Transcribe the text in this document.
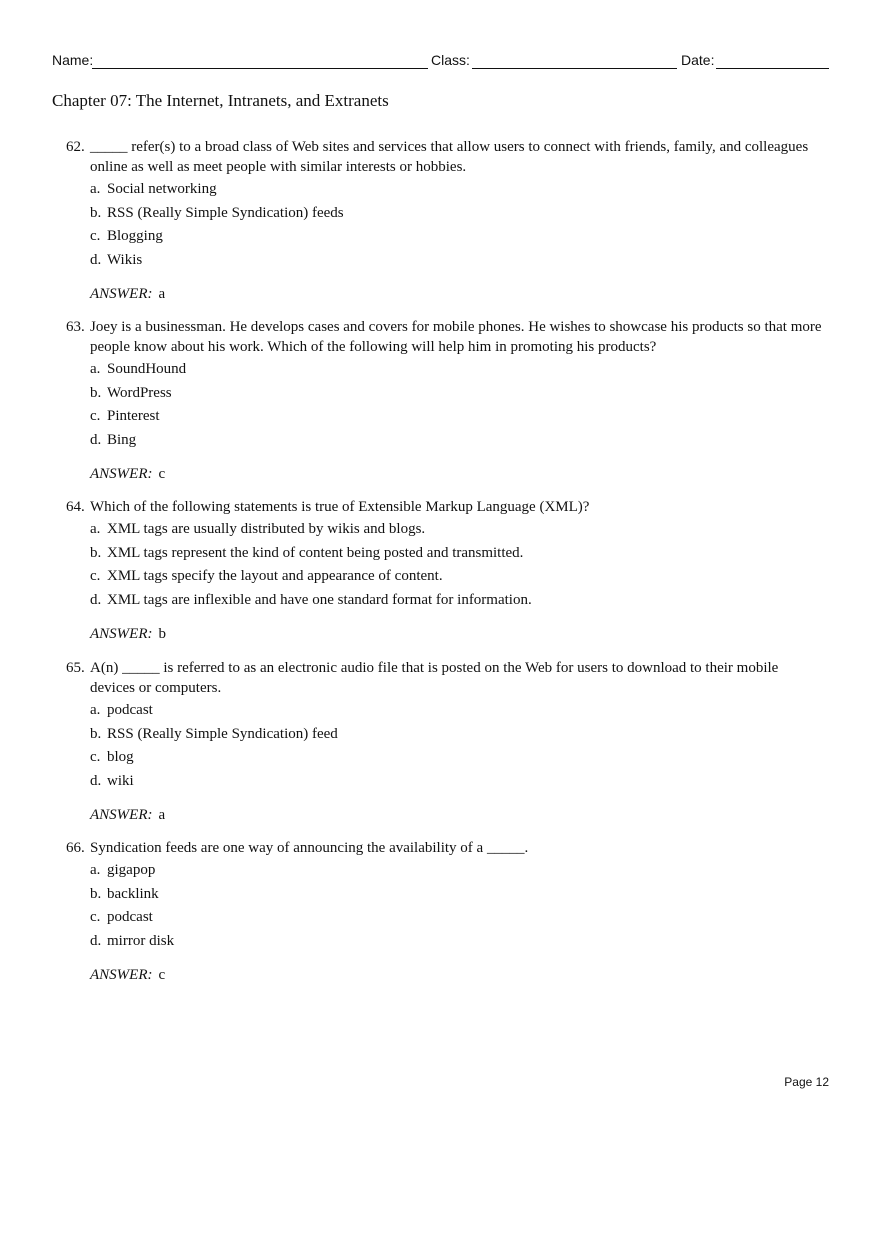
Name:	Class:	Date:
Chapter 07: The Internet, Intranets, and Extranets
62. _____ refer(s) to a broad class of Web sites and services that allow users to connect with friends, family, and colleagues online as well as meet people with similar interests or hobbies.
a. Social networking
b. RSS (Really Simple Syndication) feeds
c. Blogging
d. Wikis
ANSWER: a
63. Joey is a businessman. He develops cases and covers for mobile phones. He wishes to showcase his products so that more people know about his work. Which of the following will help him in promoting his products?
a. SoundHound
b. WordPress
c. Pinterest
d. Bing
ANSWER: c
64. Which of the following statements is true of Extensible Markup Language (XML)?
a. XML tags are usually distributed by wikis and blogs.
b. XML tags represent the kind of content being posted and transmitted.
c. XML tags specify the layout and appearance of content.
d. XML tags are inflexible and have one standard format for information.
ANSWER: b
65. A(n) _____ is referred to as an electronic audio file that is posted on the Web for users to download to their mobile devices or computers.
a. podcast
b. RSS (Really Simple Syndication) feed
c. blog
d. wiki
ANSWER: a
66. Syndication feeds are one way of announcing the availability of a _____.
a. gigapop
b. backlink
c. podcast
d. mirror disk
ANSWER: c
Page 12
